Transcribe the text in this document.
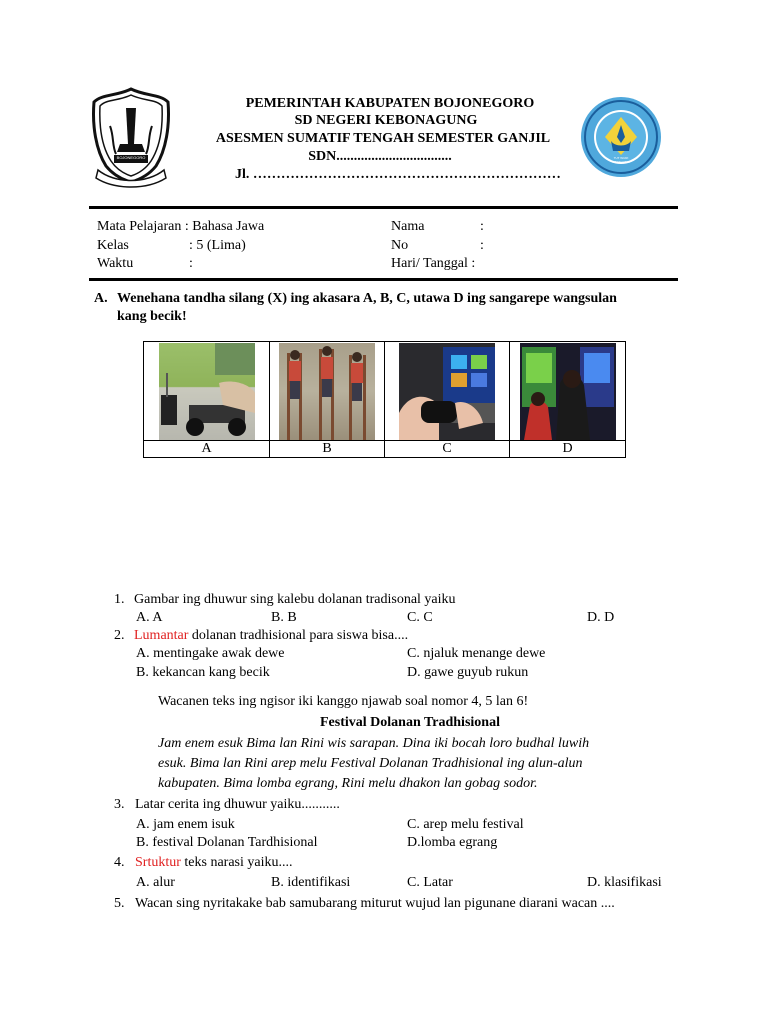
BOJONEGORO
PEMERINTAH KABUPATEN BOJONEGORO
SD NEGERI KEBONAGUNG
ASESMEN SUMATIF TENGAH SEMESTER GANJIL
SDN.................................
Jl. …………………………………………………………
TUT WURI HANDAYANI
Mata Pelajaran : Bahasa Jawa
Kelas	: 5 (Lima)
Waktu	:
Nama	:
No	:
Hari/ Tanggal :
A. Wenehana tandha silang (X) ing akasara A, B, C, utawa D ing sangarepe wangsulan
kang becik!

A	B	C	D
1. Gambar ing dhuwur sing kalebu dolanan tradisonal yaiku
A. A	B. B	C. C	D. D
2. Lumantar dolanan tradhisional para siswa bisa....
A. mentingake awak dewe	C. njaluk menange dewe
B. kekancan kang becik	D. gawe guyub rukun
Wacanen teks ing ngisor iki kanggo njawab soal nomor 4, 5 lan 6!
Festival Dolanan Tradhisional
Jam enem esuk Bima lan Rini wis sarapan. Dina iki bocah loro budhal luwih
esuk. Bima lan Rini arep melu Festival Dolanan Tradhisional ing alun-alun
kabupaten. Bima lomba egrang, Rini melu dhakon lan gobag sodor.
3. Latar cerita ing dhuwur yaiku...........
A. jam enem isuk	C. arep melu festival
B. festival Dolanan Tardhisional	D.lomba egrang
4. Srtuktur teks narasi yaiku....
A. alur	B. identifikasi	C. Latar	D. klasifikasi
5. Wacan sing nyritakake bab samubarang miturut wujud lan pigunane diarani wacan ....
